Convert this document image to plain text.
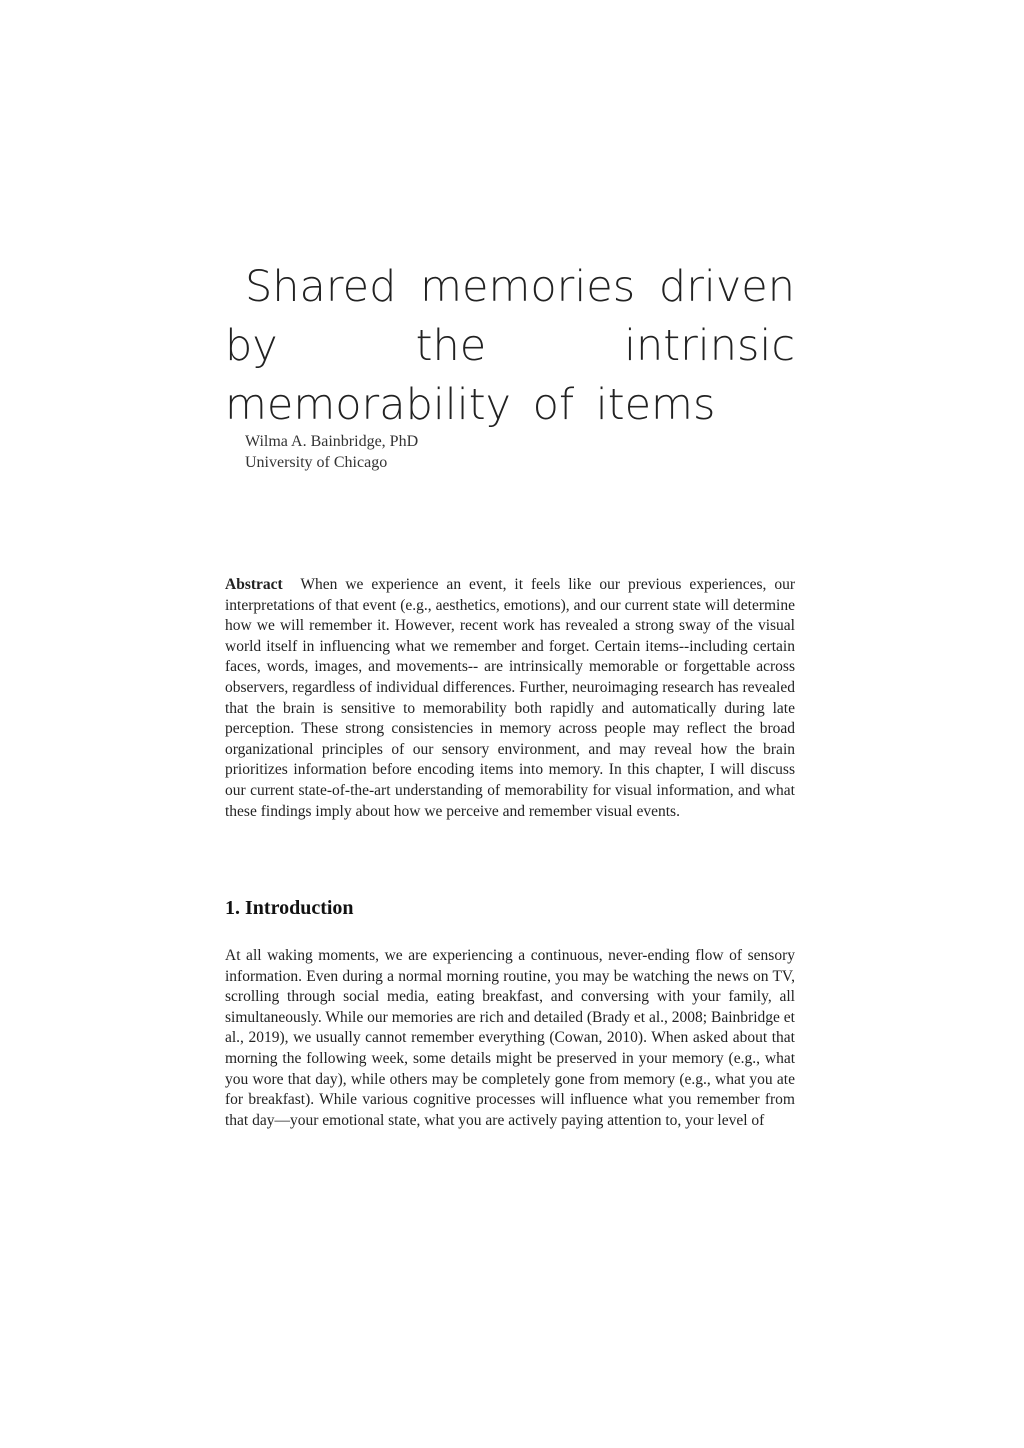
Shared memories driven by the intrinsic memorability of items
Wilma A. Bainbridge, PhD
University of Chicago

Abstract When we experience an event, it feels like our previous experiences, our interpretations of that event (e.g., aesthetics, emotions), and our current state will determine how we will remember it. However, recent work has revealed a strong sway of the visual world itself in influencing what we remember and forget. Certain items--including certain faces, words, images, and movements-- are intrinsically memorable or forgettable across observers, regardless of individual differences. Further, neuroimaging research has revealed that the brain is sensitive to memorability both rapidly and automatically during late perception. These strong consistencies in memory across people may reflect the broad organizational principles of our sensory environment, and may reveal how the brain prioritizes information before encoding items into memory. In this chapter, I will discuss our current state-of-the-art understanding of memorability for visual information, and what these findings imply about how we perceive and remember visual events.

1. Introduction

At all waking moments, we are experiencing a continuous, never-ending flow of sensory information. Even during a normal morning routine, you may be watching the news on TV, scrolling through social media, eating breakfast, and conversing with your family, all simultaneously. While our memories are rich and detailed (Brady et al., 2008; Bainbridge et al., 2019), we usually cannot remember everything (Cowan, 2010). When asked about that morning the following week, some details might be preserved in your memory (e.g., what you wore that day), while others may be completely gone from memory (e.g., what you ate for breakfast). While various cognitive processes will influence what you remember from that day—your emotional state, what you are actively paying attention to, your level of
